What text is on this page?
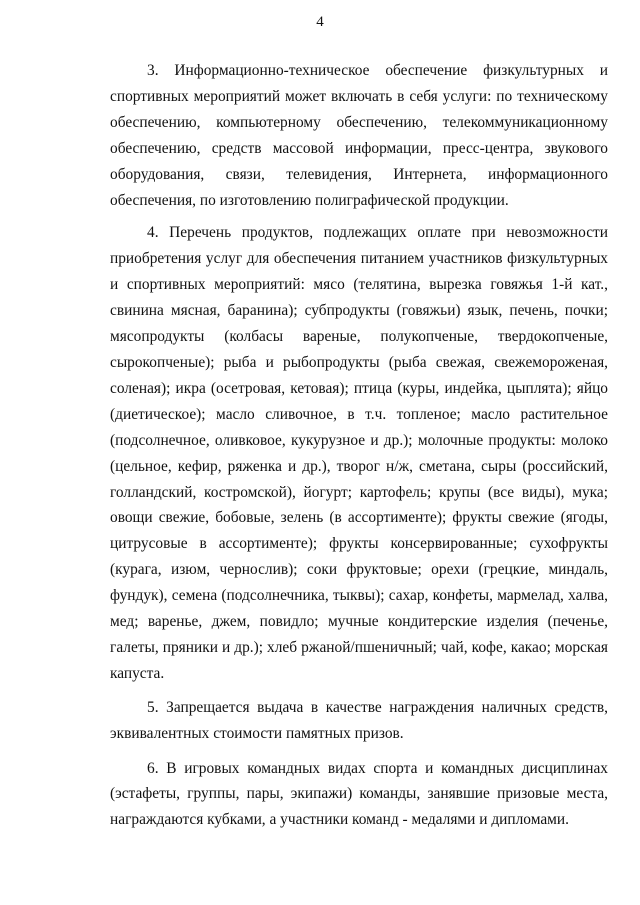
4

3. Информационно-техническое обеспечение физкультурных и спортивных мероприятий может включать в себя услуги: по техническому обеспечению, компьютерному обеспечению, телекоммуникационному обеспечению, средств массовой информации, пресс-центра, звукового оборудования, связи, телевидения, Интернета, информационного обеспечения, по изготовлению полиграфической продукции.

4. Перечень продуктов, подлежащих оплате при невозможности приобретения услуг для обеспечения питанием участников физкультурных и спортивных мероприятий: мясо (телятина, вырезка говяжья 1-й кат., свинина мясная, баранина); субпродукты (говяжьи) язык, печень, почки; мясопродукты (колбасы вареные, полукопченые, твердокопченые, сырокопченые); рыба и рыбопродукты (рыба свежая, свежемороженая, соленая); икра (осетровая, кетовая); птица (куры, индейка, цыплята); яйцо (диетическое); масло сливочное, в т.ч. топленое; масло растительное (подсолнечное, оливковое, кукурузное и др.); молочные продукты: молоко (цельное, кефир, ряженка и др.), творог н/ж, сметана, сыры (российский, голландский, костромской), йогурт; картофель; крупы (все виды), мука; овощи свежие, бобовые, зелень (в ассортименте); фрукты свежие (ягоды, цитрусовые в ассортименте); фрукты консервированные; сухофрукты (курага, изюм, чернослив); соки фруктовые; орехи (грецкие, миндаль, фундук), семена (подсолнечника, тыквы); сахар, конфеты, мармелад, халва, мед; варенье, джем, повидло; мучные кондитерские изделия (печенье, галеты, пряники и др.); хлеб ржаной/пшеничный; чай, кофе, какао; морская капуста.

5. Запрещается выдача в качестве награждения наличных средств, эквивалентных стоимости памятных призов.

6. В игровых командных видах спорта и командных дисциплинах (эстафеты, группы, пары, экипажи) команды, занявшие призовые места, награждаются кубками, а участники команд - медалями и дипломами.
